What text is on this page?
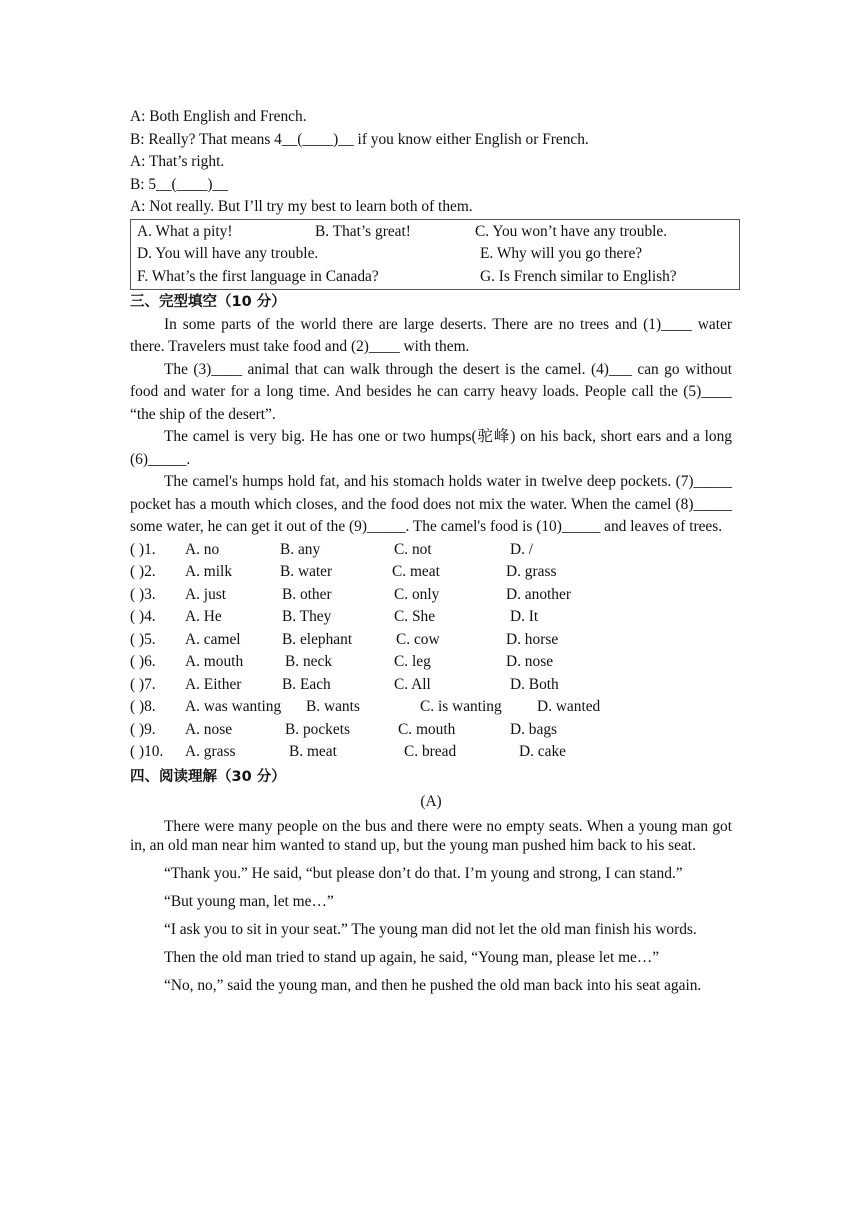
A: Both English and French.
B: Really? That means 4__(____)__ if you know either English or French.
A: That’s right.
B: 5__(____)__
A: Not really. But I’ll try my best to learn both of them.
A. What a pity!	B. That’s great!	C. You won’t have any trouble.
D. You will have any trouble.	E. Why will you go there?
F. What’s the first language in Canada?	G. Is French similar to English?
三、完型填空（10 分）
In some parts of the world there are large deserts. There are no trees and (1)____ water there. Travelers must take food and (2)____ with them.
The (3)____ animal that can walk through the desert is the camel. (4)___ can go without food and water for a long time. And besides he can carry heavy loads. People call the (5)____ “the ship of the desert”.
The camel is very big. He has one or two humps(驼峰) on his back, short ears and a long (6)_____.
The camel's humps hold fat, and his stomach holds water in twelve deep pockets. (7)_____ pocket has a mouth which closes, and the food does not mix the water. When the camel (8)_____ some water, he can get it out of the (9)_____. The camel's food is (10)_____ and leaves of trees.
( )1. A. no	B. any	C. not	D. /
( )2. A. milk	B. water	C. meat	D. grass
( )3. A. just	B. other	C. only	D. another
( )4. A. He	B. They	C. She	D. It
( )5. A. camel	B. elephant	C. cow	D. horse
( )6. A. mouth	B. neck	C. leg	D. nose
( )7. A. Either	B. Each	C. All	D. Both
( )8. A. was wanting B. wants	C. is wanting D. wanted
( )9. A. nose	B. pockets	C. mouth	D. bags
( )10. A. grass	B. meat	C. bread	D. cake
四、阅读理解（30 分）
(A)

There were many people on the bus and there were no empty seats. When a young man got in, an old man near him wanted to stand up, but the young man pushed him back to his seat.

“Thank you.” He said, “but please don’t do that. I’m young and strong, I can stand.”

“But young man, let me…”

“I ask you to sit in your seat.” The young man did not let the old man finish his words.

Then the old man tried to stand up again, he said, “Young man, please let me…”

“No, no,” said the young man, and then he pushed the old man back into his seat again.
